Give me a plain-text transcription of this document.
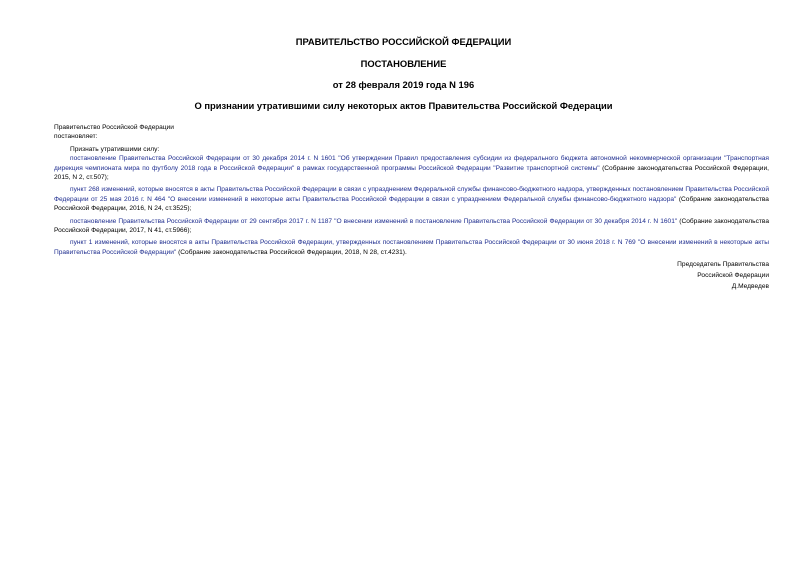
ПРАВИТЕЛЬСТВО РОССИЙСКОЙ ФЕДЕРАЦИИ

ПОСТАНОВЛЕНИЕ

от 28 февраля 2019 года N 196

О признании утратившими силу некоторых актов Правительства Российской Федерации

Правительство Российской Федерации

постановляет:

Признать утратившими силу:

постановление Правительства Российской Федерации от 30 декабря 2014 г. N 1601 "Об утверждении Правил предоставления субсидии из федерального бюджета автономной некоммерческой организации "Транспортная дирекция чемпионата мира по футболу 2018 года в Российской Федерации" в рамках государственной программы Российской Федерации "Развитие транспортной системы" (Собрание законодательства Российской Федерации, 2015, N 2, ст.507);

пункт 268 изменений, которые вносятся в акты Правительства Российской Федерации в связи с упразднением Федеральной службы финансово-бюджетного надзора, утвержденных постановлением Правительства Российской Федерации от 25 мая 2016 г. N 464 "О внесении изменений в некоторые акты Правительства Российской Федерации в связи с упразднением Федеральной службы финансово-бюджетного надзора" (Собрание законодательства Российской Федерации, 2016, N 24, ст.3525);

постановление Правительства Российской Федерации от 29 сентября 2017 г. N 1187 "О внесении изменений в постановление Правительства Российской Федерации от 30 декабря 2014 г. N 1601" (Собрание законодательства Российской Федерации, 2017, N 41, ст.5966);

пункт 1 изменений, которые вносятся в акты Правительства Российской Федерации, утвержденных постановлением Правительства Российской Федерации от 30 июня 2018 г. N 769 "О внесении изменений в некоторые акты Правительства Российской Федерации" (Собрание законодательства Российской Федерации, 2018, N 28, ст.4231).

Председатель Правительства
Российской Федерации
Д.Медведев
